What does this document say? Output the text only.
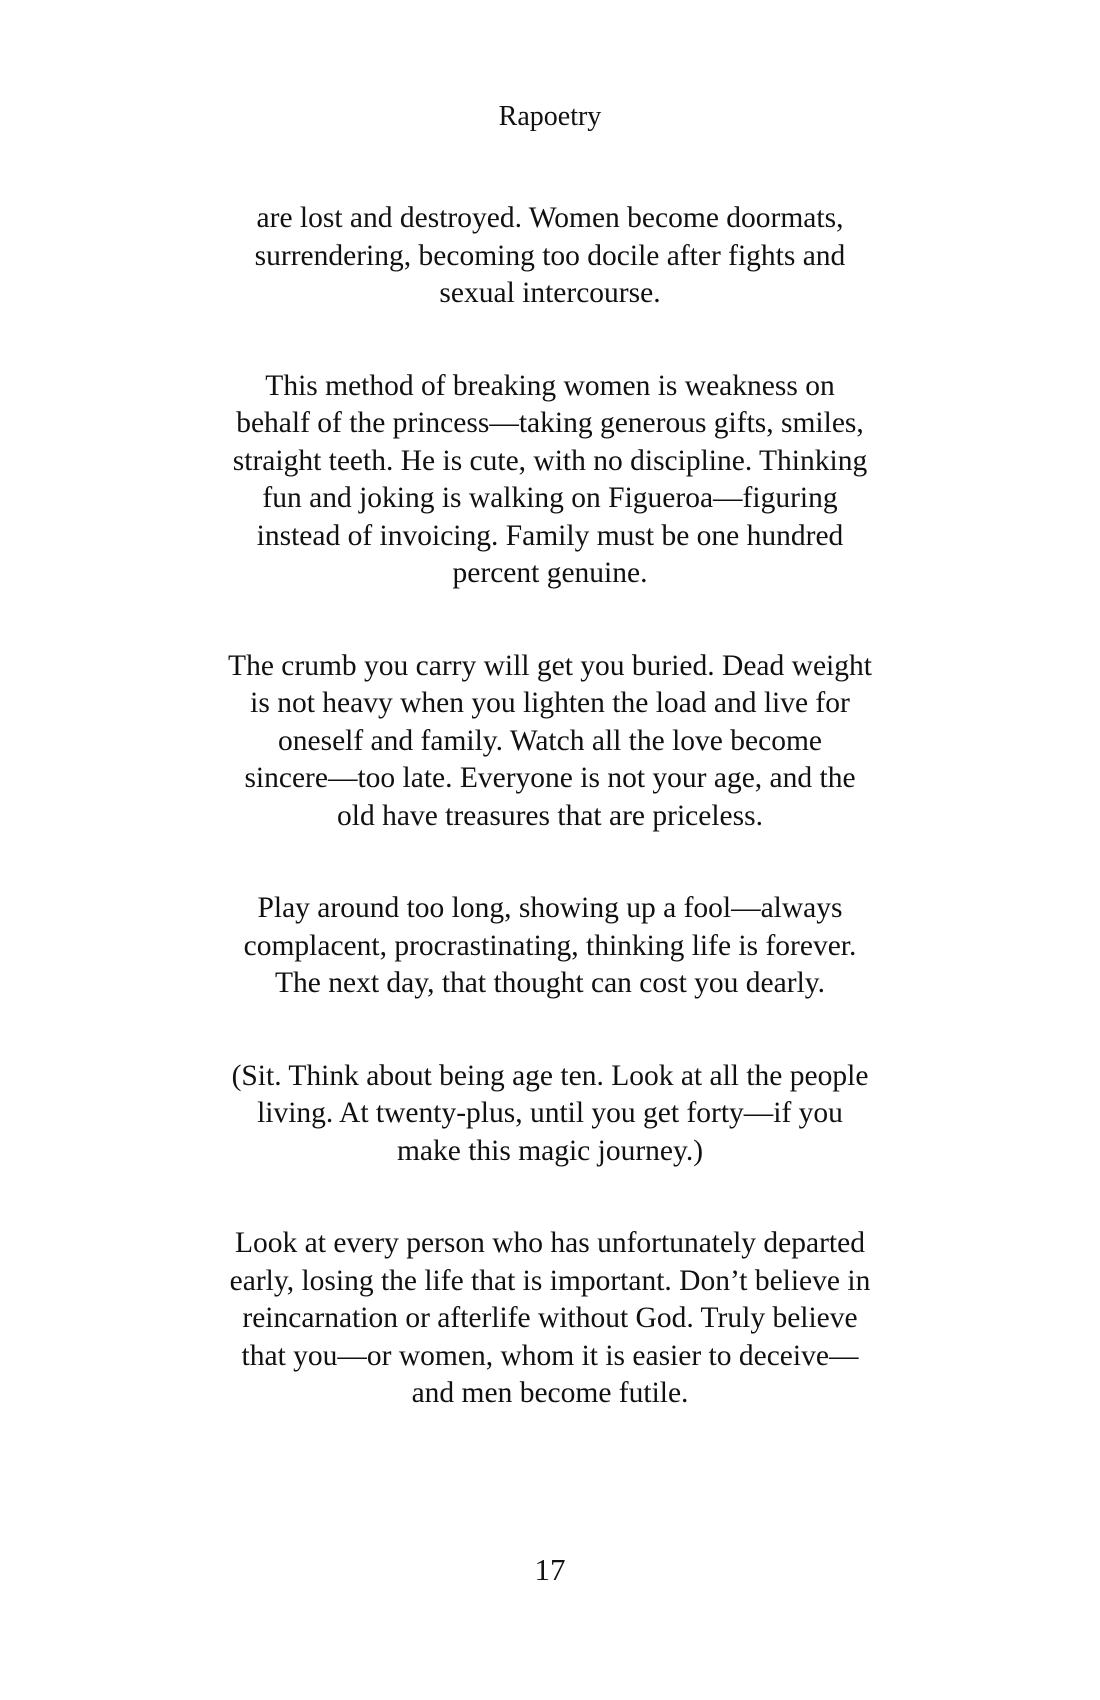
Rapoetry

are lost and destroyed. Women become doormats,
surrendering, becoming too docile after fights and
sexual intercourse.

This method of breaking women is weakness on
behalf of the princess—taking generous gifts, smiles,
straight teeth. He is cute, with no discipline. Thinking
fun and joking is walking on Figueroa—figuring
instead of invoicing. Family must be one hundred
percent genuine.

The crumb you carry will get you buried. Dead weight
is not heavy when you lighten the load and live for
oneself and family. Watch all the love become
sincere—too late. Everyone is not your age, and the
old have treasures that are priceless.

Play around too long, showing up a fool—always
complacent, procrastinating, thinking life is forever.
The next day, that thought can cost you dearly.

(Sit. Think about being age ten. Look at all the people
living. At twenty-plus, until you get forty—if you
make this magic journey.)

Look at every person who has unfortunately departed
early, losing the life that is important. Don’t believe in
reincarnation or afterlife without God. Truly believe
that you—or women, whom it is easier to deceive—
and men become futile.

17
